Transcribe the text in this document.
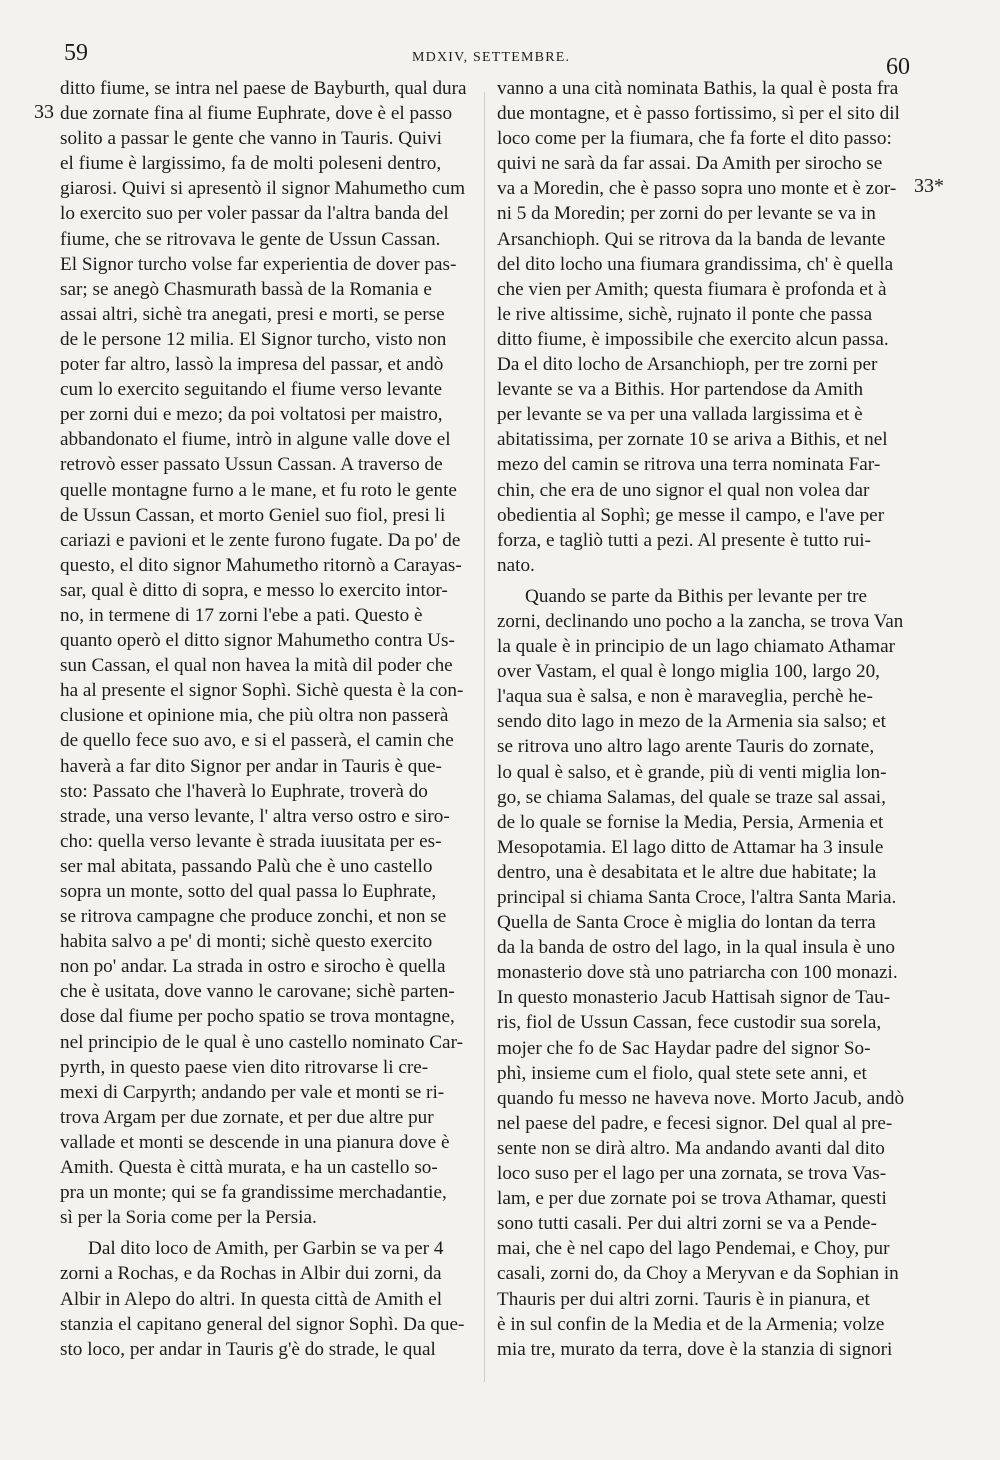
59	MDXIV, SETTEMBRE.	60
33
33*
ditto fiume, se intra nel paese de Bayburth, qual dura
due zornate fina al fiume Euphrate, dove è el passo
solito a passar le gente che vanno in Tauris. Quivi
el fiume è largissimo, fa de molti poleseni dentro,
giarosi. Quivi si apresentò il signor Mahumetho cum
lo exercito suo per voler passar da l'altra banda del
fiume, che se ritrovava le gente de Ussun Cassan.
El Signor turcho volse far experientia de dover pas-
sar; se anegò Chasmurath bassà de la Romania e
assai altri, sichè tra anegati, presi e morti, se perse
de le persone 12 milia. El Signor turcho, visto non
poter far altro, lassò la impresa del passar, et andò
cum lo exercito seguitando el fiume verso levante
per zorni dui e mezo; da poi voltatosi per maistro,
abbandonato el fiume, intrò in algune valle dove el
retrovò esser passato Ussun Cassan. A traverso de
quelle montagne furno a le mane, et fu roto le gente
de Ussun Cassan, et morto Geniel suo fiol, presi li
cariazi e pavioni et le zente furono fugate. Da po' de
questo, el dito signor Mahumetho ritornò a Carayas-
sar, qual è ditto di sopra, e messo lo exercito intor-
no, in termene di 17 zorni l'ebe a pati. Questo è
quanto operò el ditto signor Mahumetho contra Us-
sun Cassan, el qual non havea la mità dil poder che
ha al presente el signor Sophì. Sichè questa è la con-
clusione et opinione mia, che più oltra non passerà
de quello fece suo avo, e si el passerà, el camin che
haverà a far dito Signor per andar in Tauris è que-
sto: Passato che l'haverà lo Euphrate, troverà do
strade, una verso levante, l' altra verso ostro e siro-
cho: quella verso levante è strada iuusitata per es-
ser mal abitata, passando Palù che è uno castello
sopra un monte, sotto del qual passa lo Euphrate,
se ritrova campagne che produce zonchi, et non se
habita salvo a pe' di monti; sichè questo exercito
non po' andar. La strada in ostro e sirocho è quella
che è usitata, dove vanno le carovane; sichè parten-
dose dal fiume per pocho spatio se trova montagne,
nel principio de le qual è uno castello nominato Car-
pyrth, in questo paese vien dito ritrovarse li cre-
mexi di Carpyrth; andando per vale et monti se ri-
trova Argam per due zornate, et per due altre pur
vallade et monti se descende in una pianura dove è
Amith. Questa è città murata, e ha un castello so-
pra un monte; qui se fa grandissime merchadantie,
sì per la Soria come per la Persia.
Dal dito loco de Amith, per Garbin se va per 4
zorni a Rochas, e da Rochas in Albir dui zorni, da
Albir in Alepo do altri. In questa città de Amith el
stanzia el capitano general del signor Sophì. Da que-
sto loco, per andar in Tauris g'è do strade, le qual
vanno a una cità nominata Bathis, la qual è posta fra
due montagne, et è passo fortissimo, sì per el sito dil
loco come per la fiumara, che fa forte el dito passo:
quivi ne sarà da far assai. Da Amith per sirocho se
va a Moredin, che è passo sopra uno monte et è zor-
ni 5 da Moredin; per zorni do per levante se va in
Arsanchioph. Qui se ritrova da la banda de levante
del dito locho una fiumara grandissima, ch' è quella
che vien per Amith; questa fiumara è profonda et à
le rive altissime, sichè, rujnato il ponte che passa
ditto fiume, è impossibile che exercito alcun passa.
Da el dito locho de Arsanchioph, per tre zorni per
levante se va a Bithis. Hor partendose da Amith
per levante se va per una vallada largissima et è
abitatissima, per zornate 10 se ariva a Bithis, et nel
mezo del camin se ritrova una terra nominata Far-
chin, che era de uno signor el qual non volea dar
obedientia al Sophì; ge messe il campo, e l'ave per
forza, e tagliò tutti a pezi. Al presente è tutto rui-
nato.
Quando se parte da Bithis per levante per tre
zorni, declinando uno pocho a la zancha, se trova Van
la quale è in principio de un lago chiamato Athamar
over Vastam, el qual è longo miglia 100, largo 20,
l'aqua sua è salsa, e non è maraveglia, perchè he-
sendo dito lago in mezo de la Armenia sia salso; et
se ritrova uno altro lago arente Tauris do zornate,
lo qual è salso, et è grande, più di venti miglia lon-
go, se chiama Salamas, del quale se traze sal assai,
de lo quale se fornise la Media, Persia, Armenia et
Mesopotamia. El lago ditto de Attamar ha 3 insule
dentro, una è desabitata et le altre due habitate; la
principal si chiama Santa Croce, l'altra Santa Maria.
Quella de Santa Croce è miglia do lontan da terra
da la banda de ostro del lago, in la qual insula è uno
monasterio dove stà uno patriarcha con 100 monazi.
In questo monasterio Jacub Hattisah signor de Tau-
ris, fiol de Ussun Cassan, fece custodir sua sorela,
mojer che fo de Sac Haydar padre del signor So-
phì, insieme cum el fiolo, qual stete sete anni, et
quando fu messo ne haveva nove. Morto Jacub, andò
nel paese del padre, e fecesi signor. Del qual al pre-
sente non se dirà altro. Ma andando avanti dal dito
loco suso per el lago per una zornata, se trova Vas-
lam, e per due zornate poi se trova Athamar, questi
sono tutti casali. Per dui altri zorni se va a Pende-
mai, che è nel capo del lago Pendemai, e Choy, pur
casali, zorni do, da Choy a Meryvan e da Sophian in
Thauris per dui altri zorni. Tauris è in pianura, et
è in sul confin de la Media et de la Armenia; volze
mia tre, murato da terra, dove è la stanzia di signori
